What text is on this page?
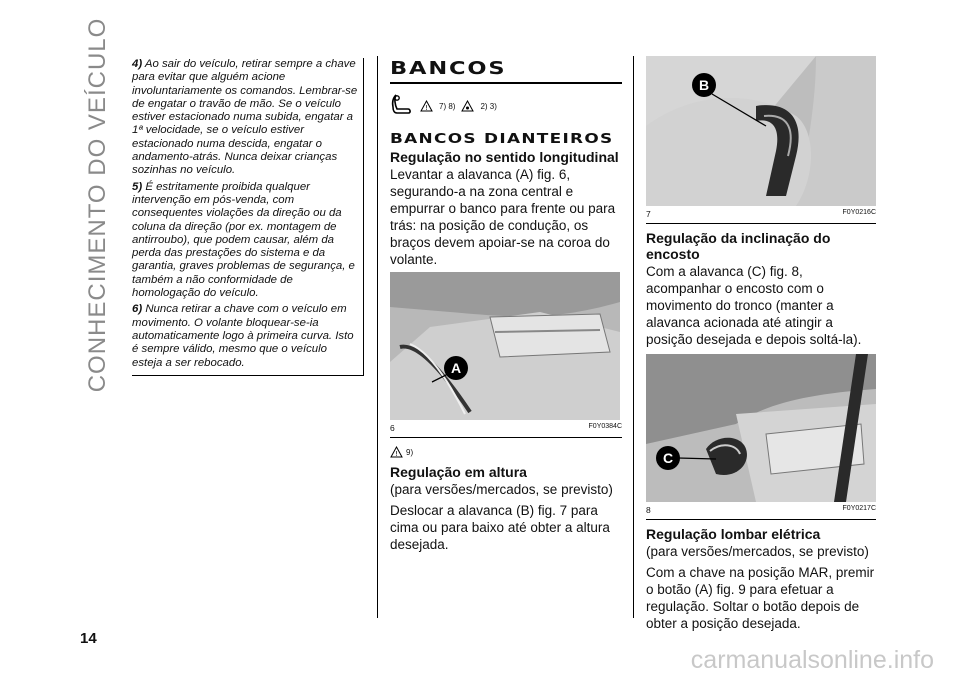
CONHECIMENTO DO VEÍCULO 4) Ao sair do veículo, retirar sempre a chave para evitar que alguém acione involuntariamente os comandos. Lembrar-se de engatar o travão de mão. Se o veículo estiver estacionado numa subida, engatar a 1ª velocidade, se o veículo estiver estacionado numa descida, engatar o andamento-atrás. Nunca deixar crianças sozinhas no veículo.

5) É estritamente proibida qualquer intervenção em pós-venda, com consequentes violações da direção ou da coluna da direção (por ex. montagem de antirroubo), que podem causar, além da perda das prestações do sistema e da garantia, graves problemas de segurança, e também a não conformidade de homologação do veículo.

6) Nunca retirar a chave com o veículo em movimento. O volante bloquear-se-ia automaticamente logo à primeira curva. Isto é sempre válido, mesmo que o veículo esteja a ser rebocado.

14
BANCOS
! 7) 8)	2) 3)
BANCOS DIANTEIROS
Regulação no sentido longitudinal

Levantar a alavanca (A) fig. 6, segurando-a na zona central e empurrar o banco para frente ou para trás: na posição de condução, os braços devem apoiar-se na coroa do volante.

A
6	F0Y0384C
! 9)
Regulação em altura

(para versões/mercados, se previsto)

Deslocar a alavanca (B) fig. 7 para cima ou para baixo até obter a altura desejada.

B
7	F0Y0216C
Regulação da inclinação do encosto

Com a alavanca (C) fig. 8, acompanhar o encosto com o movimento do tronco (manter a alavanca acionada até atingir a posição desejada e depois soltá-la).

C
8	F0Y0217C
Regulação lombar elétrica

(para versões/mercados, se previsto)

Com a chave na posição MAR, premir o botão (A) fig. 9 para efetuar a regulação. Soltar o botão depois de obter a posição desejada.

carmanualsonline.info
